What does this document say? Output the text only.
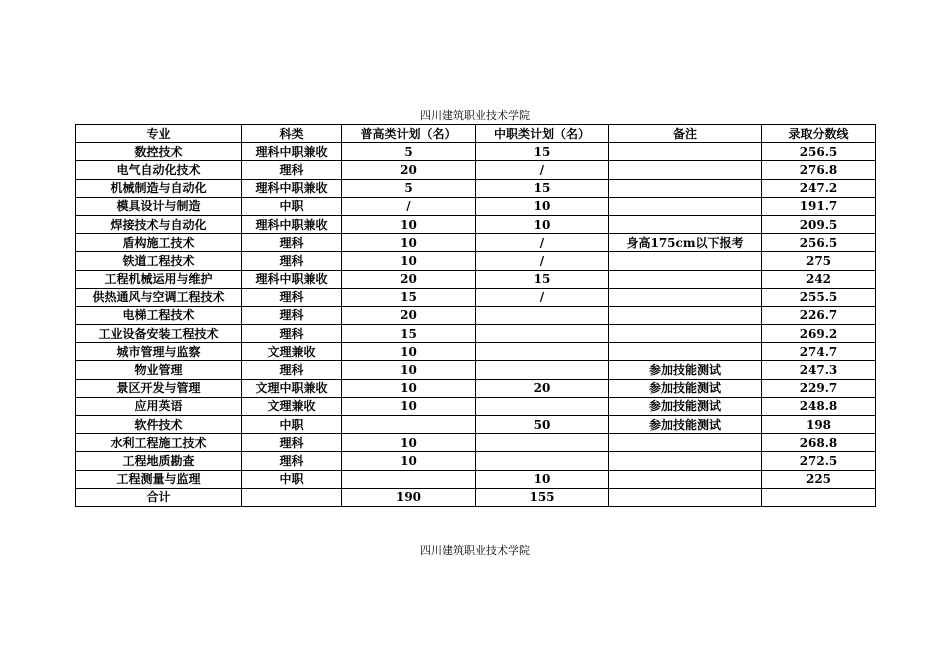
四川建筑职业技术学院
专业	科类	普高类计划（名）	中职类计划（名）	备注	录取分数线
数控技术	理科中职兼收	5	15		256.5
电气自动化技术	理科	20	/		276.8
机械制造与自动化	理科中职兼收	5	15		247.2
模具设计与制造	中职	/	10		191.7
焊接技术与自动化	理科中职兼收	10	10		209.5
盾构施工技术	理科	10	/	身高175cm以下报考	256.5
铁道工程技术	理科	10	/		275
工程机械运用与维护	理科中职兼收	20	15		242
供热通风与空调工程技术	理科	15	/		255.5
电梯工程技术	理科	20			226.7
工业设备安装工程技术	理科	15			269.2
城市管理与监察	文理兼收	10			274.7
物业管理	理科	10		参加技能测试	247.3
景区开发与管理	文理中职兼收	10	20	参加技能测试	229.7
应用英语	文理兼收	10		参加技能测试	248.8
软件技术	中职		50	参加技能测试	198
水利工程施工技术	理科	10			268.8
工程地质勘查	理科	10			272.5
工程测量与监理	中职		10		225
合计		190	155		
四川建筑职业技术学院
